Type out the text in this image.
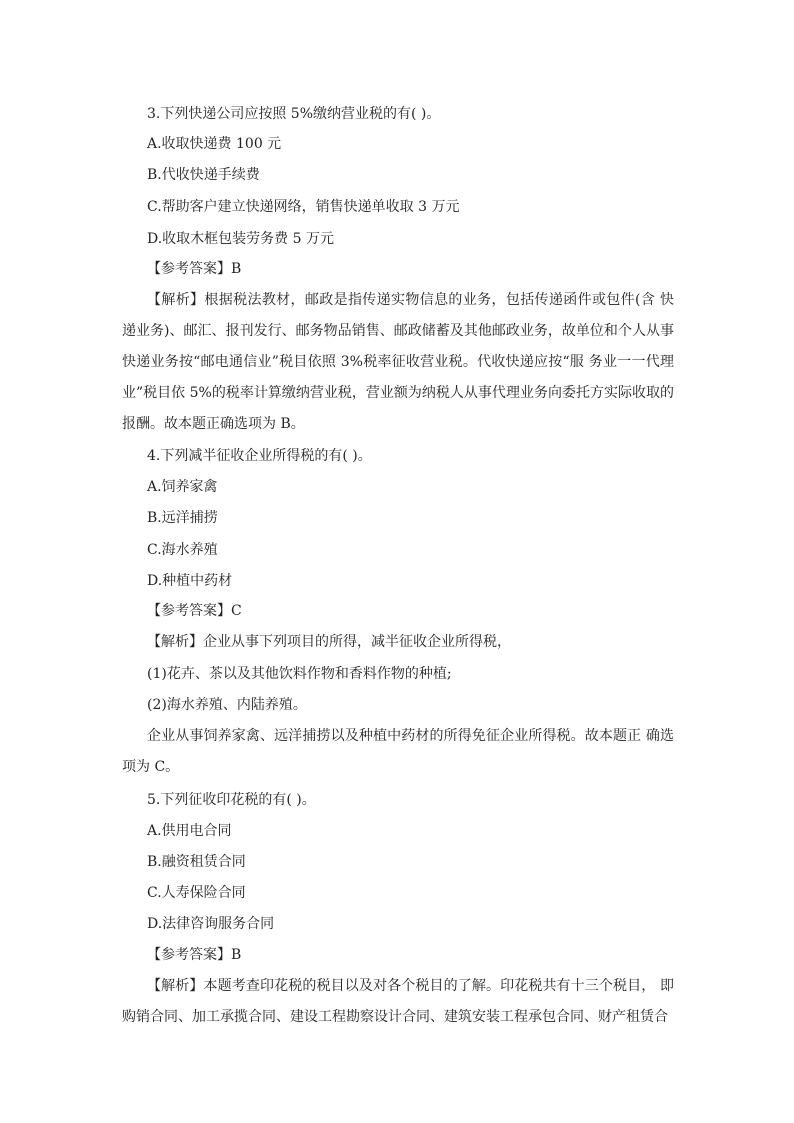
3.下列快递公司应按照 5%缴纳营业税的有( )。
A.收取快递费 100 元
B.代收快递手续费
C.帮助客户建立快递网络，销售快递单收取 3 万元
D.收取木框包装劳务费 5 万元
【参考答案】B
【解析】根据税法教材，邮政是指传递实物信息的业务，包括传递函件或包件(含 快递业务)、邮汇、报刊发行、邮务物品销售、邮政储蓄及其他邮政业务，故单位和个人从事快递业务按“邮电通信业”税目依照 3%税率征收营业税。代收快递应按“服 务业一一代理业”税目依 5%的税率计算缴纳营业税，营业额为纳税人从事代理业务向委托方实际收取的报酬。故本题正确选项为 B。
4.下列减半征收企业所得税的有( )。
A.饲养家禽
B.远洋捕捞
C.海水养殖
D.种植中药材
【参考答案】C
【解析】企业从事下列项目的所得，减半征收企业所得税，
(1)花卉、茶以及其他饮料作物和香料作物的种植;
(2)海水养殖、内陆养殖。
企业从事饲养家禽、远洋捕捞以及种植中药材的所得免征企业所得税。故本题正 确选项为 C。
5.下列征收印花税的有( )。
A.供用电合同
B.融资租赁合同
C.人寿保险合同
D.法律咨询服务合同
【参考答案】B
【解析】本题考查印花税的税目以及对各个税目的了解。印花税共有十三个税目， 即购销合同、加工承揽合同、建设工程勘察设计合同、建筑安装工程承包合同、财产租赁合
